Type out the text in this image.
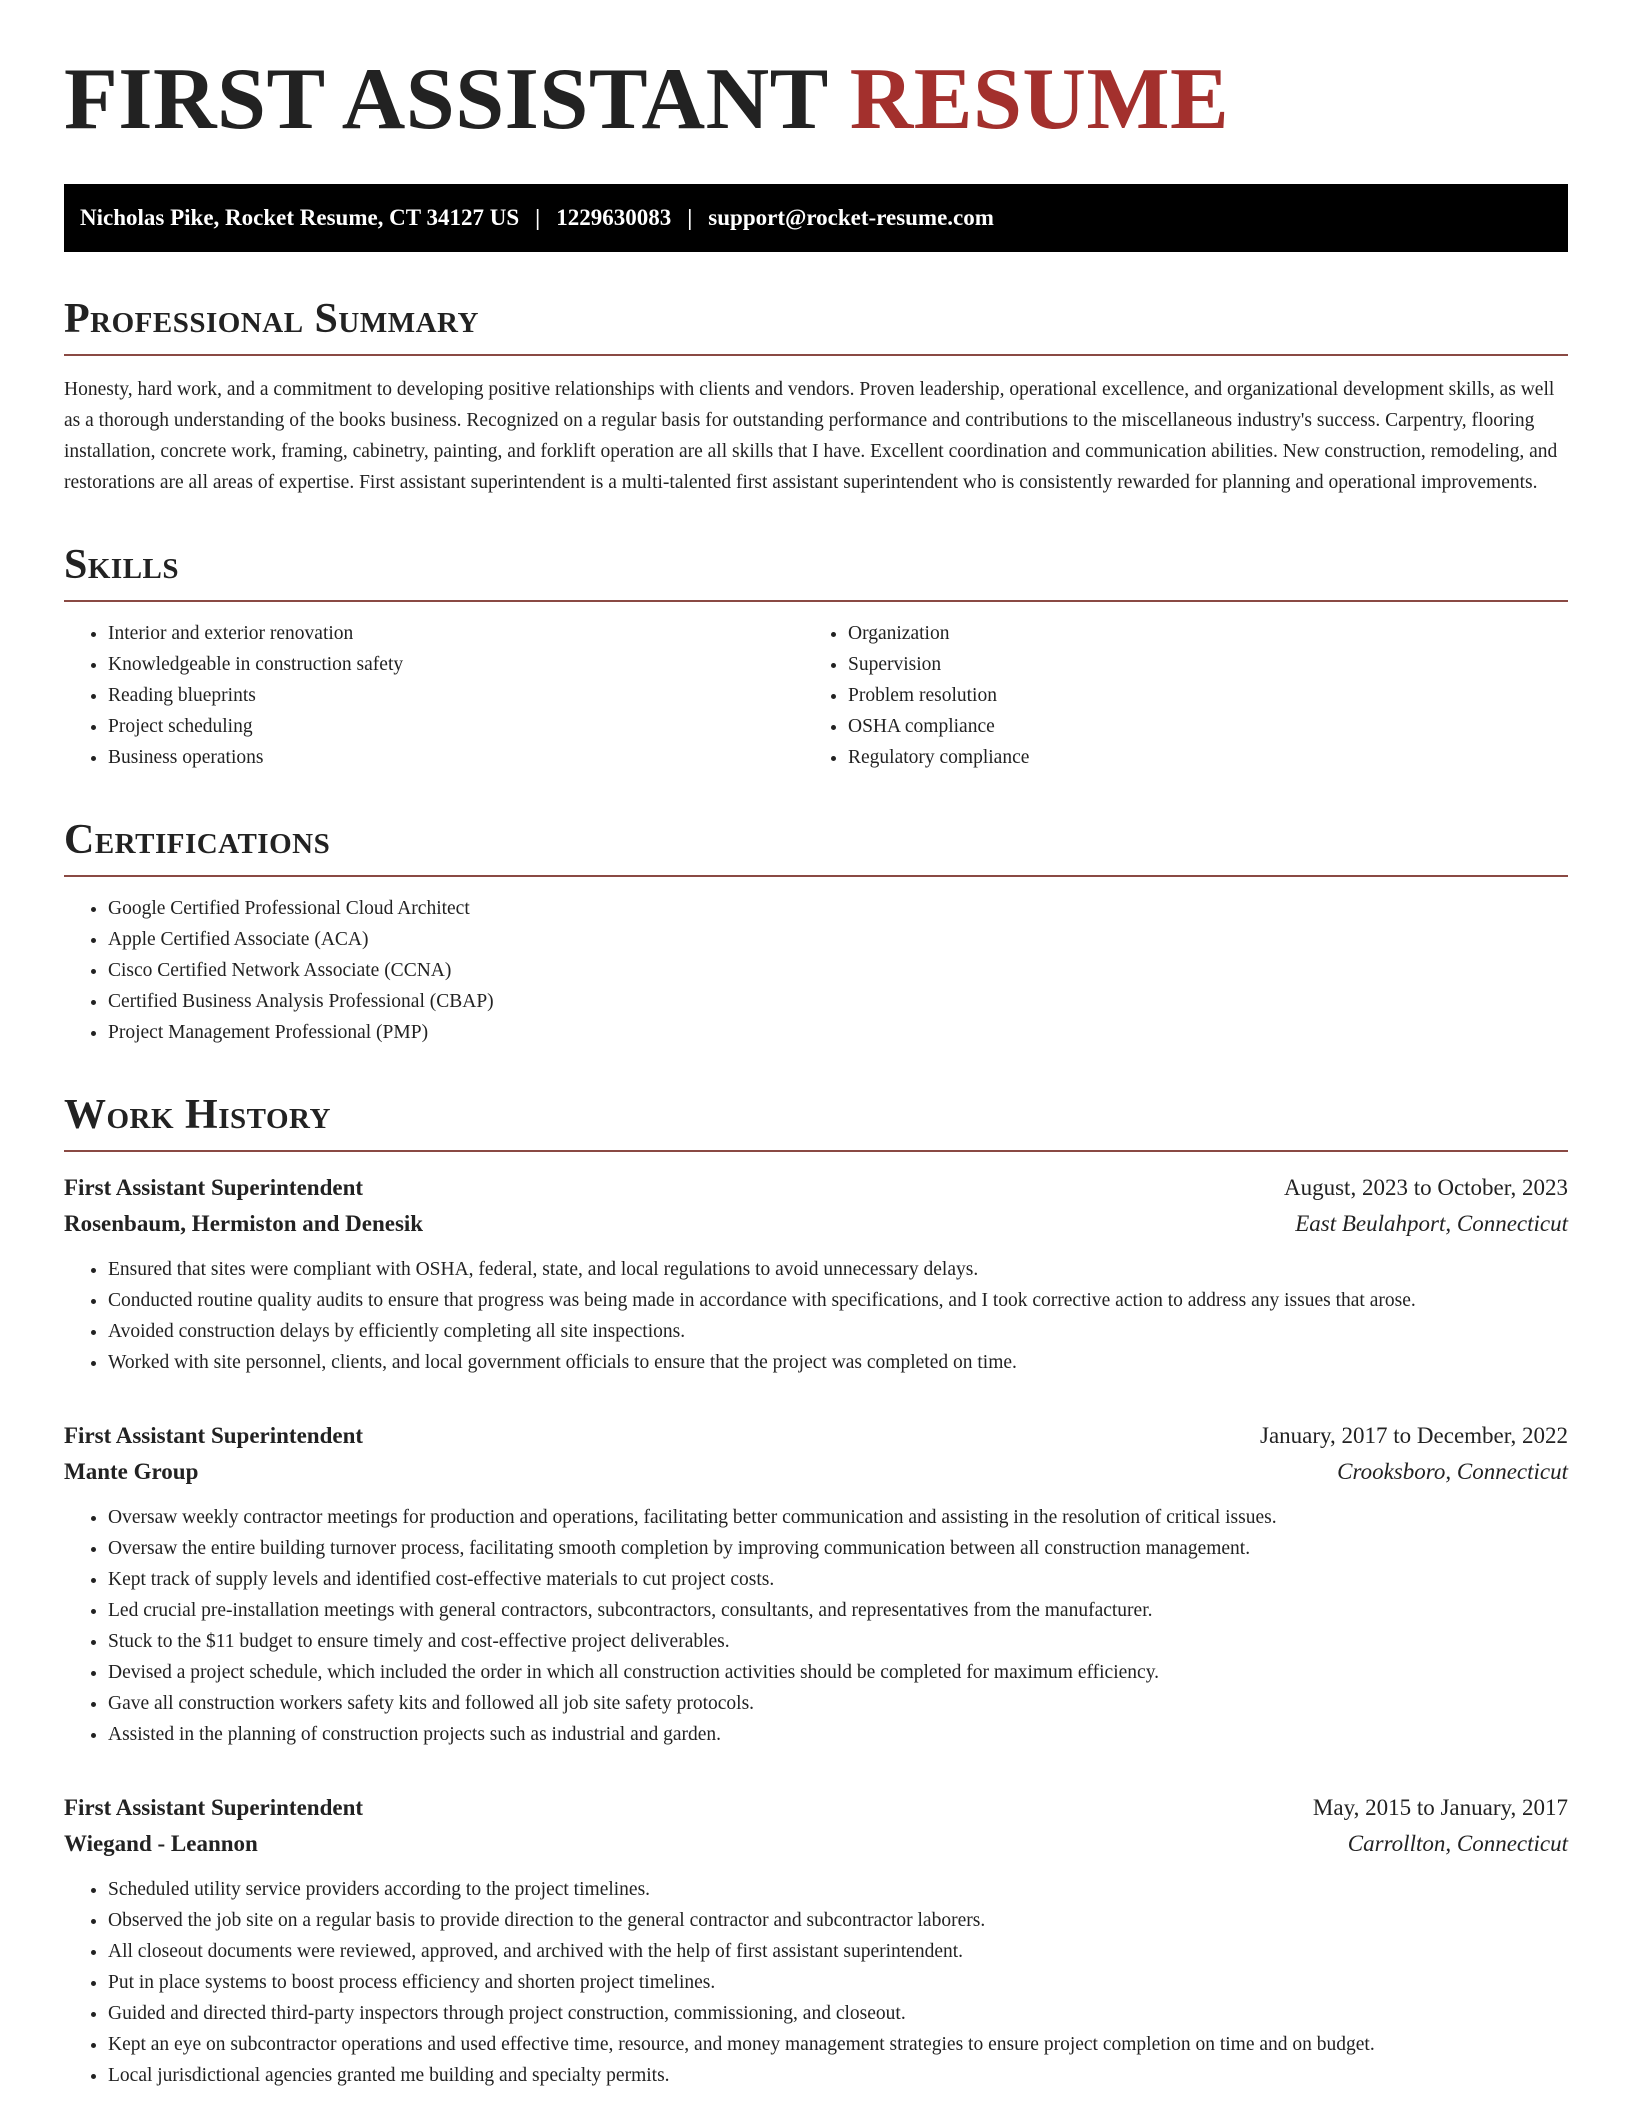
FIRST ASSISTANT RESUME
Nicholas Pike, Rocket Resume, CT 34127 US | 1229630083 | support@rocket-resume.com
Professional Summary

Honesty, hard work, and a commitment to developing positive relationships with clients and vendors. Proven leadership, operational excellence, and organizational development skills, as well as a thorough understanding of the books business. Recognized on a regular basis for outstanding performance and contributions to the miscellaneous industry's success. Carpentry, flooring installation, concrete work, framing, cabinetry, painting, and forklift operation are all skills that I have. Excellent coordination and communication abilities. New construction, remodeling, and restorations are all areas of expertise. First assistant superintendent is a multi-talented first assistant superintendent who is consistently rewarded for planning and operational improvements.

Skills
• Interior and exterior renovation
• Knowledgeable in construction safety
• Reading blueprints
• Project scheduling
• Business operations
• Organization
• Supervision
• Problem resolution
• OSHA compliance
• Regulatory compliance
Certifications
• Google Certified Professional Cloud Architect
• Apple Certified Associate (ACA)
• Cisco Certified Network Associate (CCNA)
• Certified Business Analysis Professional (CBAP)
• Project Management Professional (PMP)
Work History
First Assistant Superintendent	August, 2023 to October, 2023
Rosenbaum, Hermiston and Denesik	East Beulahport, Connecticut
• Ensured that sites were compliant with OSHA, federal, state, and local regulations to avoid unnecessary delays.
• Conducted routine quality audits to ensure that progress was being made in accordance with specifications, and I took corrective action to address any issues that arose.
• Avoided construction delays by efficiently completing all site inspections.
• Worked with site personnel, clients, and local government officials to ensure that the project was completed on time.
First Assistant Superintendent	January, 2017 to December, 2022
Mante Group	Crooksboro, Connecticut
• Oversaw weekly contractor meetings for production and operations, facilitating better communication and assisting in the resolution of critical issues.
• Oversaw the entire building turnover process, facilitating smooth completion by improving communication between all construction management.
• Kept track of supply levels and identified cost-effective materials to cut project costs.
• Led crucial pre-installation meetings with general contractors, subcontractors, consultants, and representatives from the manufacturer.
• Stuck to the $11 budget to ensure timely and cost-effective project deliverables.
• Devised a project schedule, which included the order in which all construction activities should be completed for maximum efficiency.
• Gave all construction workers safety kits and followed all job site safety protocols.
• Assisted in the planning of construction projects such as industrial and garden.
First Assistant Superintendent	May, 2015 to January, 2017
Wiegand - Leannon	Carrollton, Connecticut
• Scheduled utility service providers according to the project timelines.
• Observed the job site on a regular basis to provide direction to the general contractor and subcontractor laborers.
• All closeout documents were reviewed, approved, and archived with the help of first assistant superintendent.
• Put in place systems to boost process efficiency and shorten project timelines.
• Guided and directed third-party inspectors through project construction, commissioning, and closeout.
• Kept an eye on subcontractor operations and used effective time, resource, and money management strategies to ensure project completion on time and on budget.
• Local jurisdictional agencies granted me building and specialty permits.
